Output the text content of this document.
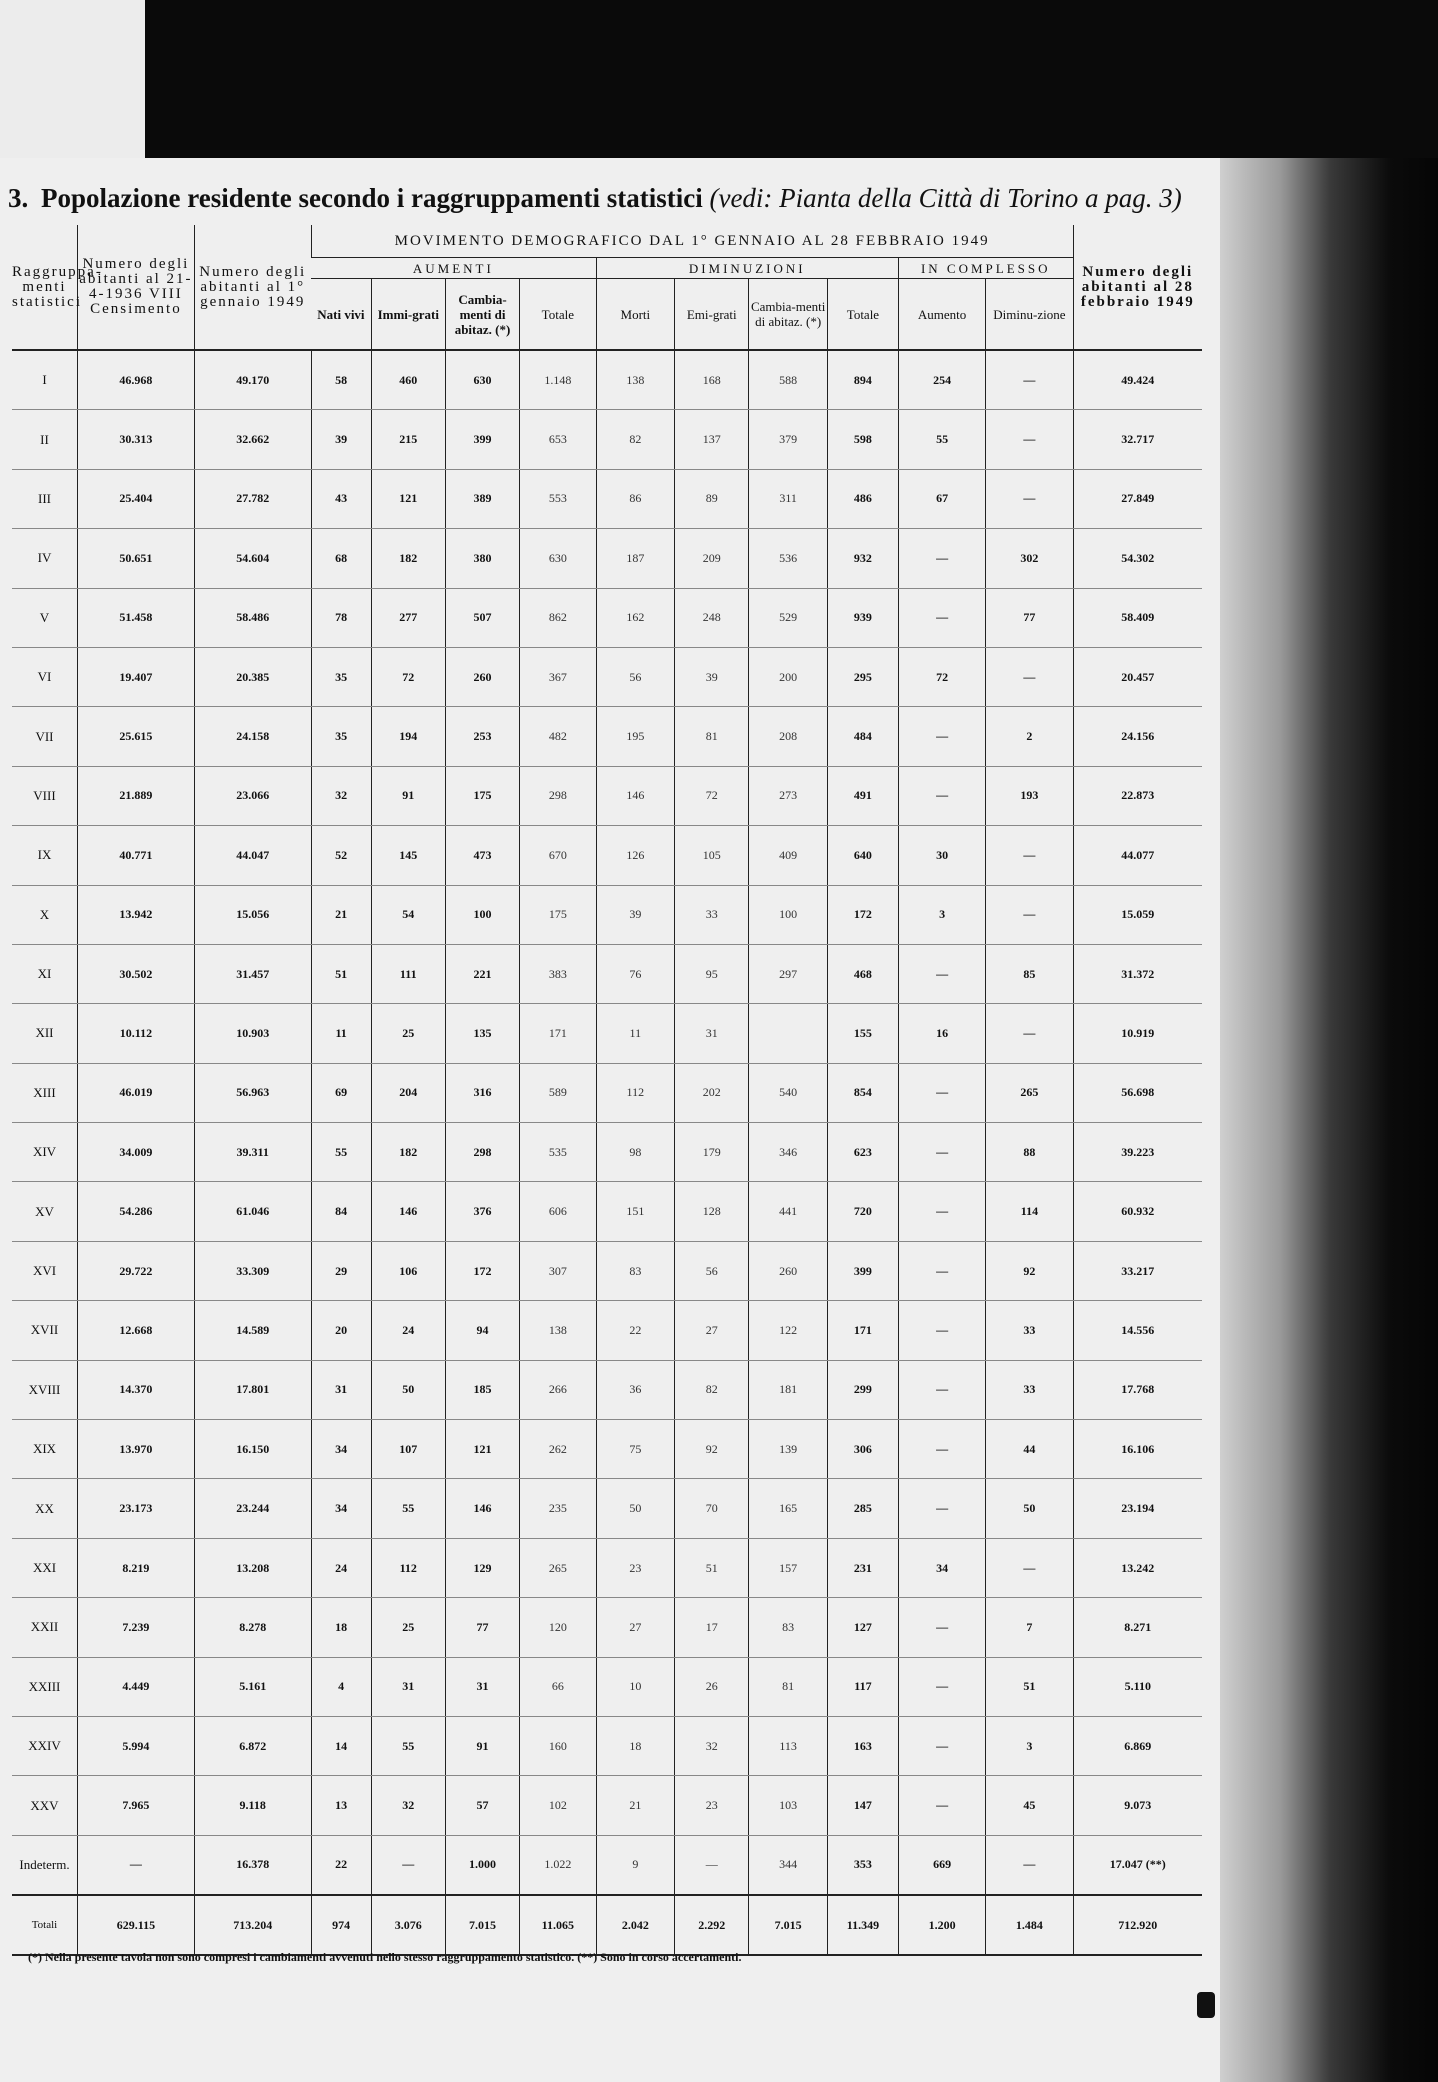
3. Popolazione residente secondo i raggruppamenti statistici (vedi: Pianta della Città di Torino a pag. 3)
Raggruppa-menti statistici	Numero degli abitanti al 21-4-1936 VIII Censimento	Numero degli abitanti al 1° gennaio 1949	MOVIMENTO DEMOGRAFICO DAL 1° GENNAIO AL 28 FEBBRAIO 1949										Numero degli abitanti al 28 febbraio 1949
			AUMENTI				DIMINUZIONI				IN COMPLESSO		
			Nati vivi	Immi-grati	Cambia-menti di abitaz. (*)	Totale	Morti	Emi-grati	Cambia-menti di abitaz. (*)	Totale	Aumento	Diminu-zione	
I	46.968	49.170	58	460	630	1.148	138	168	588	894	254	—	49.424
II	30.313	32.662	39	215	399	653	82	137	379	598	55	—	32.717
III	25.404	27.782	43	121	389	553	86	89	311	486	67	—	27.849
IV	50.651	54.604	68	182	380	630	187	209	536	932	—	302	54.302
V	51.458	58.486	78	277	507	862	162	248	529	939	—	77	58.409
VI	19.407	20.385	35	72	260	367	56	39	200	295	72	—	20.457
VII	25.615	24.158	35	194	253	482	195	81	208	484	—	2	24.156
VIII	21.889	23.066	32	91	175	298	146	72	273	491	—	193	22.873
IX	40.771	44.047	52	145	473	670	126	105	409	640	30	—	44.077
X	13.942	15.056	21	54	100	175	39	33	100	172	3	—	15.059
XI	30.502	31.457	51	111	221	383	76	95	297	468	—	85	31.372
XII	10.112	10.903	11	25	135	171	11	31		155	16	—	10.919
XIII	46.019	56.963	69	204	316	589	112	202	540	854	—	265	56.698
XIV	34.009	39.311	55	182	298	535	98	179	346	623	—	88	39.223
XV	54.286	61.046	84	146	376	606	151	128	441	720	—	114	60.932
XVI	29.722	33.309	29	106	172	307	83	56	260	399	—	92	33.217
XVII	12.668	14.589	20	24	94	138	22	27	122	171	—	33	14.556
XVIII	14.370	17.801	31	50	185	266	36	82	181	299	—	33	17.768
XIX	13.970	16.150	34	107	121	262	75	92	139	306	—	44	16.106
XX	23.173	23.244	34	55	146	235	50	70	165	285	—	50	23.194
XXI	8.219	13.208	24	112	129	265	23	51	157	231	34	—	13.242
XXII	7.239	8.278	18	25	77	120	27	17	83	127	—	7	8.271
XXIII	4.449	5.161	4	31	31	66	10	26	81	117	—	51	5.110
XXIV	5.994	6.872	14	55	91	160	18	32	113	163	—	3	6.869
XXV	7.965	9.118	13	32	57	102	21	23	103	147	—	45	9.073
Indeterm.	—	16.378	22	—	1.000	1.022	9	—	344	353	669	—	17.047 (**)
Totali	629.115	713.204	974	3.076	7.015	11.065	2.042	2.292	7.015	11.349	1.200	1.484	712.920
(*) Nella presente tavola non sono compresi i cambiamenti avvenuti nello stesso raggruppamento statistico. (**) Sono in corso accertamenti.
